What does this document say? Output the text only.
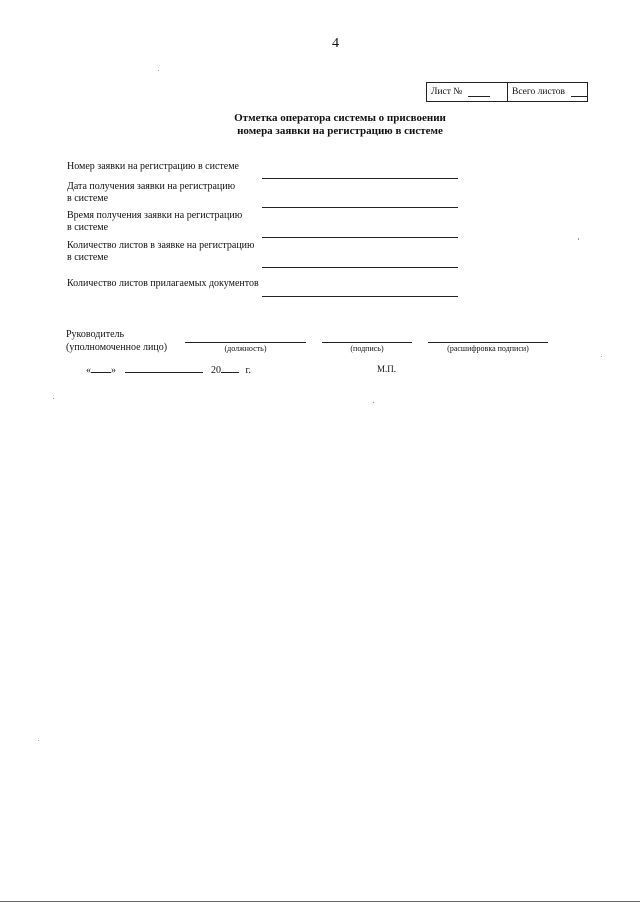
4
Лист №	Всего листов
Отметка оператора системы о присвоении
номера заявки на регистрацию в системе
Номер заявки на регистрацию в системе
Дата получения заявки на регистрацию
в системе
Время получения заявки на регистрацию
в системе
Количество листов в заявке на регистрацию
в системе
Количество листов прилагаемых документов
Руководитель
(уполномоченное лицо)	(должность)	(подпись)	(расшифровка подписи)
« »	20 г.	М.П.
